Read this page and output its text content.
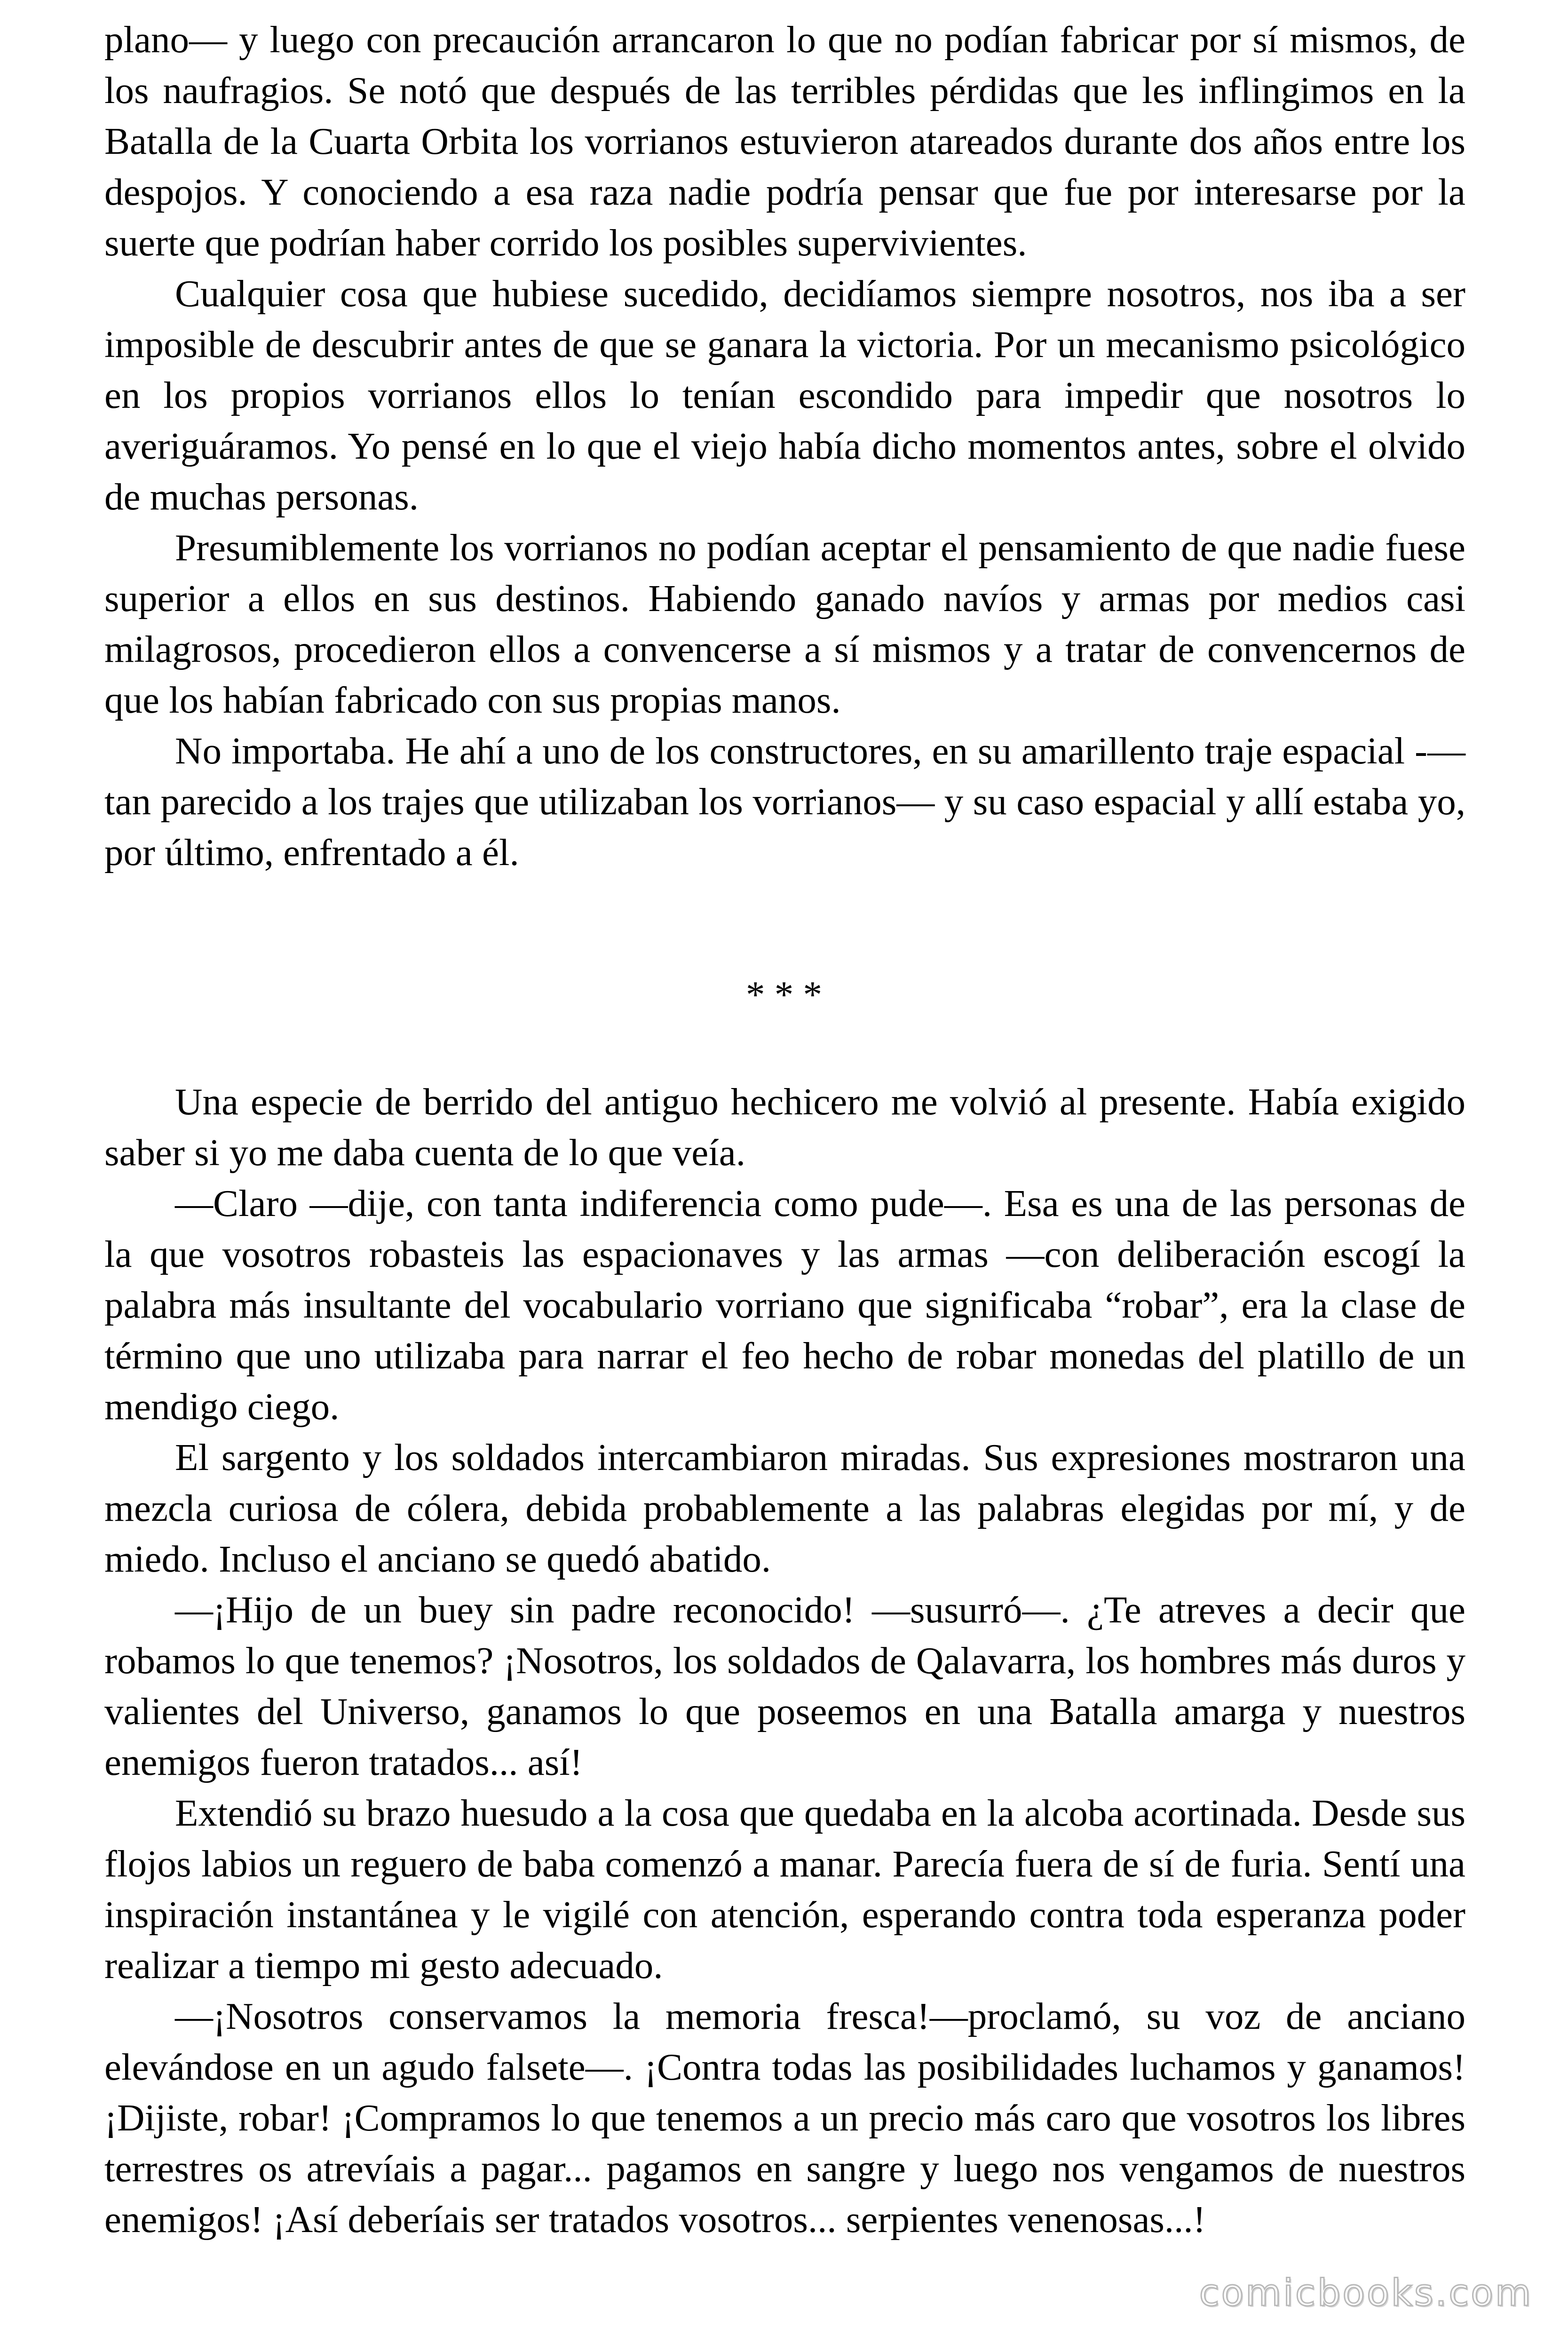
plano— y luego con precaución arrancaron lo que no podían fabricar por sí mismos, de los naufragios. Se notó que después de las terribles pérdidas que les inflingimos en la Batalla de la Cuarta Orbita los vorrianos estuvieron atareados durante dos años entre los despojos. Y conociendo a esa raza nadie podría pensar que fue por interesarse por la suerte que podrían haber corrido los posibles supervivientes.

Cualquier cosa que hubiese sucedido, decidíamos siempre nosotros, nos iba a ser imposible de descubrir antes de que se ganara la victoria. Por un mecanismo psicológico en los propios vorrianos ellos lo tenían escondido para impedir que nosotros lo averiguáramos. Yo pensé en lo que el viejo había dicho momentos antes, sobre el olvido de muchas personas.

Presumiblemente los vorrianos no podían aceptar el pensamiento de que nadie fuese superior a ellos en sus destinos. Habiendo ganado navíos y armas por medios casi milagrosos, procedieron ellos a convencerse a sí mismos y a tratar de convencernos de que los habían fabricado con sus propias manos.

No importaba. He ahí a uno de los constructores, en su amarillento traje espacial -—tan parecido a los trajes que utilizaban los vorrianos— y su caso espacial y allí estaba yo, por último, enfrentado a él.

* * *

Una especie de berrido del antiguo hechicero me volvió al presente. Había exigido saber si yo me daba cuenta de lo que veía.

—Claro —dije, con tanta indiferencia como pude—. Esa es una de las personas de la que vosotros robasteis las espacionaves y las armas —con deliberación escogí la palabra más insultante del vocabulario vorriano que significaba “robar”, era la clase de término que uno utilizaba para narrar el feo hecho de robar monedas del platillo de un mendigo ciego.

El sargento y los soldados intercambiaron miradas. Sus expresiones mostraron una mezcla curiosa de cólera, debida probablemente a las palabras elegidas por mí, y de miedo. Incluso el anciano se quedó abatido.

—¡Hijo de un buey sin padre reconocido! —susurró—. ¿Te atreves a decir que robamos lo que tenemos? ¡Nosotros, los soldados de Qalavarra, los hombres más duros y valientes del Universo, ganamos lo que poseemos en una Batalla amarga y nuestros enemigos fueron tratados... así!

Extendió su brazo huesudo a la cosa que quedaba en la alcoba acortinada. Desde sus flojos labios un reguero de baba comenzó a manar. Parecía fuera de sí de furia. Sentí una inspiración instantánea y le vigilé con atención, esperando contra toda esperanza poder realizar a tiempo mi gesto adecuado.

—¡Nosotros conservamos la memoria fresca!—proclamó, su voz de anciano elevándose en un agudo falsete—. ¡Contra todas las posibilidades luchamos y ganamos! ¡Dijiste, robar! ¡Compramos lo que tenemos a un precio más caro que vosotros los libres terrestres os atrevíais a pagar... pagamos en sangre y luego nos vengamos de nuestros enemigos! ¡Así deberíais ser tratados vosotros... serpientes venenosas...!

comicbooks.com
